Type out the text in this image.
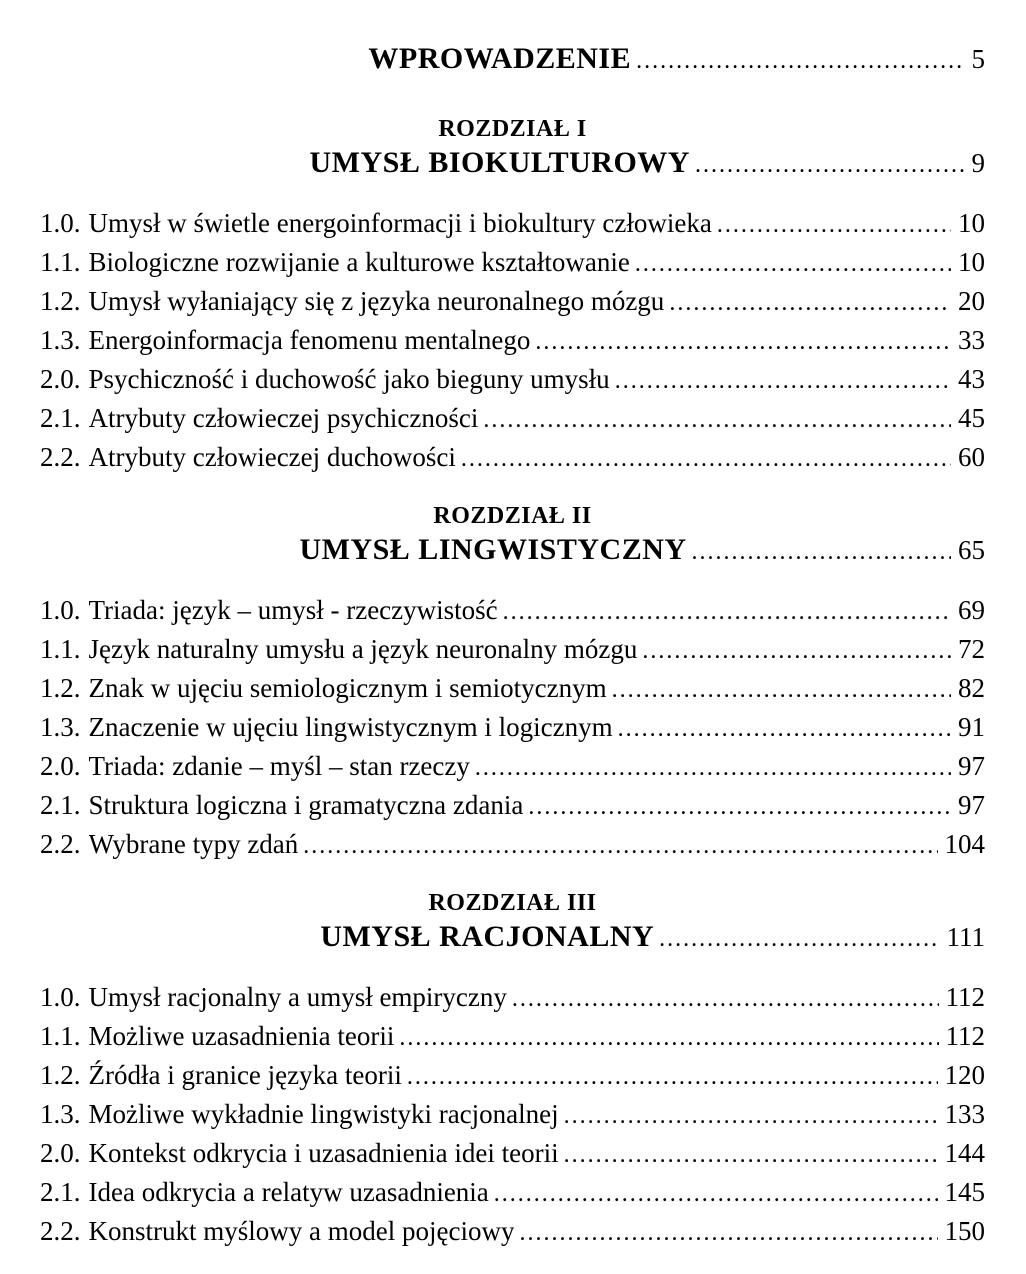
WPROWADZENIE .....	5
ROZDZIAŁ I
UMYSŁ BIOKULTUROWY .....	9
1.0. Umysł w świetle energoinformacji i biokultury człowieka .....	10
1.1. Biologiczne rozwijanie a kulturowe kształtowanie .....	10
1.2. Umysł wyłaniający się z języka neuronalnego mózgu .....	20
1.3. Energoinformacja fenomenu mentalnego .....	33
2.0. Psychiczność i duchowość jako bieguny umysłu .....	43
2.1. Atrybuty człowieczej psychiczności .....	45
2.2. Atrybuty człowieczej duchowości .....	60
ROZDZIAŁ II
UMYSŁ LINGWISTYCZNY .....	65
1.0. Triada: język – umysł - rzeczywistość .....	69
1.1. Język naturalny umysłu a język neuronalny mózgu .....	72
1.2. Znak w ujęciu semiologicznym i semiotycznym .....	82
1.3. Znaczenie w ujęciu lingwistycznym i logicznym .....	91
2.0. Triada: zdanie – myśl – stan rzeczy .....	97
2.1. Struktura logiczna i gramatyczna zdania .....	97
2.2. Wybrane typy zdań .....	104
ROZDZIAŁ III
UMYSŁ RACJONALNY .....	111
1.0. Umysł racjonalny a umysł empiryczny .....	112
1.1. Możliwe uzasadnienia teorii .....	112
1.2. Źródła i granice języka teorii .....	120
1.3. Możliwe wykładnie lingwistyki racjonalnej .....	133
2.0. Kontekst odkrycia i uzasadnienia idei teorii .....	144
2.1. Idea odkrycia a relatyw uzasadnienia .....	145
2.2. Konstrukt myślowy a model pojęciowy .....	150
